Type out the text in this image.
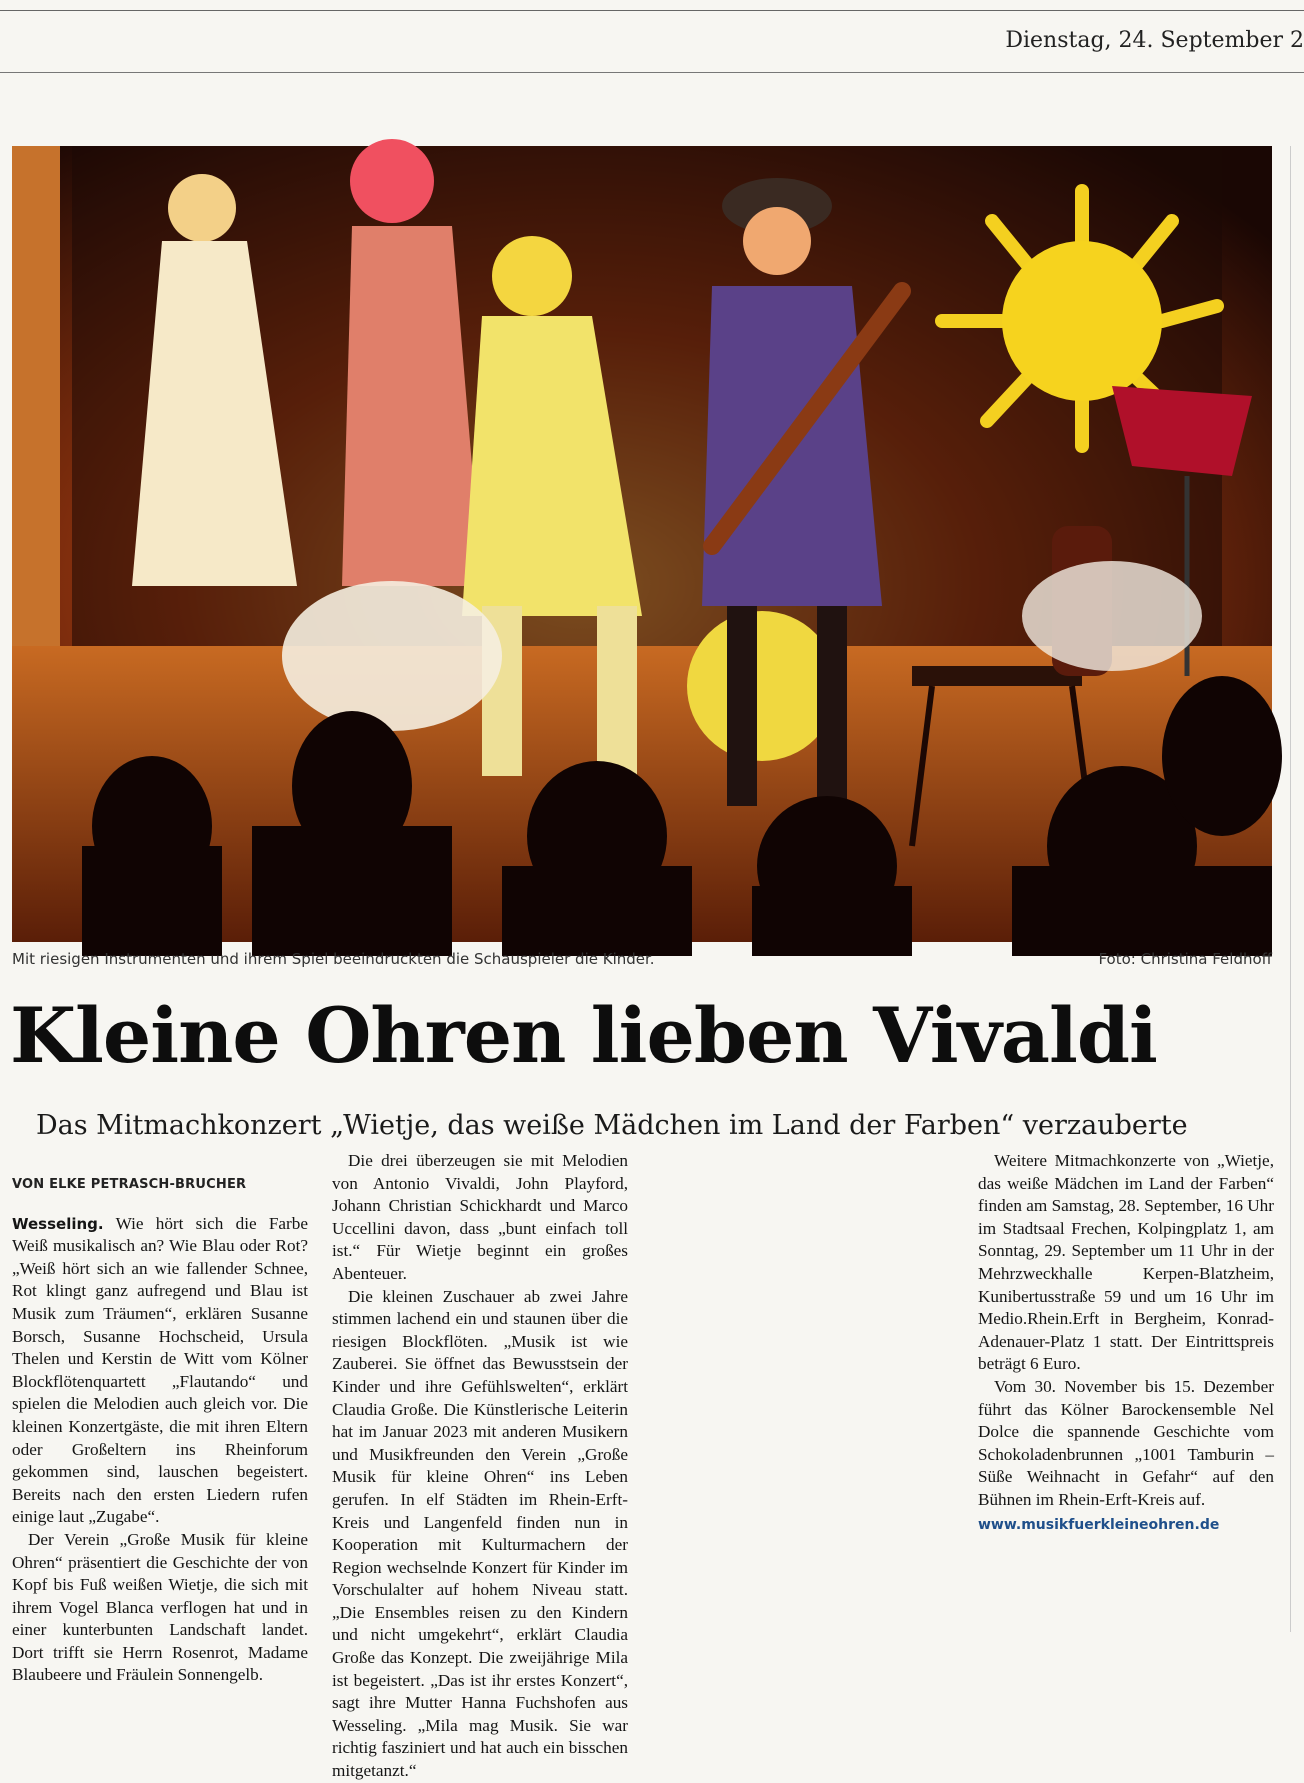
Dienstag, 24. September 2
Mit riesigen Instrumenten und ihrem Spiel beeindruckten die Schauspieler die Kinder.	Foto: Christina Feldhoff
Kleine Ohren lieben Vivaldi
Das Mitmachkonzert „Wietje, das weiße Mädchen im Land der Farben“ verzauberte

VON ELKE PETRASCH-BRUCHER

Wesseling. Wie hört sich die Farbe Weiß musikalisch an? Wie Blau oder Rot? „Weiß hört sich an wie fallender Schnee, Rot klingt ganz aufregend und Blau ist Musik zum Träumen“, erklären Susanne Borsch, Susanne Hochscheid, Ursula Thelen und Kerstin de Witt vom Kölner Blockflötenquartett „Flautando“ und spielen die Melodien auch gleich vor. Die kleinen Konzertgäste, die mit ihren Eltern oder Großeltern ins Rheinforum gekommen sind, lauschen begeistert. Bereits nach den ersten Liedern rufen einige laut „Zugabe“.

Der Verein „Große Musik für kleine Ohren“ präsentiert die Geschichte der von Kopf bis Fuß weißen Wietje, die sich mit ihrem Vogel Blanca verflogen hat und in einer kunterbunten Landschaft landet. Dort trifft sie Herrn Rosenrot, Madame Blaubeere und Fräulein Sonnengelb.

Die drei überzeugen sie mit Melodien von Antonio Vivaldi, John Playford, Johann Christian Schickhardt und Marco Uccellini davon, dass „bunt einfach toll ist.“ Für Wietje beginnt ein großes Abenteuer.

Die kleinen Zuschauer ab zwei Jahre stimmen lachend ein und staunen über die riesigen Blockflöten. „Musik ist wie Zauberei. Sie öffnet das Bewusstsein der Kinder und ihre Gefühlswelten“, erklärt Claudia Große. Die Künstlerische Leiterin hat im Januar 2023 mit anderen Musikern und Musikfreunden den Verein „Große Musik für kleine Ohren“ ins Leben gerufen. In elf Städten im Rhein-Erft-Kreis und Langenfeld finden nun in Kooperation mit Kulturmachern der Region wechselnde Konzert für Kinder im Vorschulalter auf hohem Niveau statt. „Die Ensembles reisen zu den Kindern und nicht umgekehrt“, erklärt Claudia Große das Konzept. Die zweijährige Mila ist begeistert. „Das ist ihr erstes Konzert“, sagt ihre Mutter Hanna Fuchshofen aus Wesseling. „Mila mag Musik. Sie war richtig fasziniert und hat auch ein bisschen mitgetanzt.“

Weitere Mitmachkonzerte von „Wietje, das weiße Mädchen im Land der Farben“ finden am Samstag, 28. September, 16 Uhr im Stadtsaal Frechen, Kolpingplatz 1, am Sonntag, 29. September um 11 Uhr in der Mehrzweckhalle Kerpen-Blatzheim, Kunibertusstraße 59 und um 16 Uhr im Medio.Rhein.Erft in Bergheim, Konrad-Adenauer-Platz 1 statt. Der Eintrittspreis beträgt 6 Euro.

Vom 30. November bis 15. Dezember führt das Kölner Barockensemble Nel Dolce die spannende Geschichte vom Schokoladenbrunnen „1001 Tamburin – Süße Weihnacht in Gefahr“ auf den Bühnen im Rhein-Erft-Kreis auf.

www.musikfuerkleineohren.de
